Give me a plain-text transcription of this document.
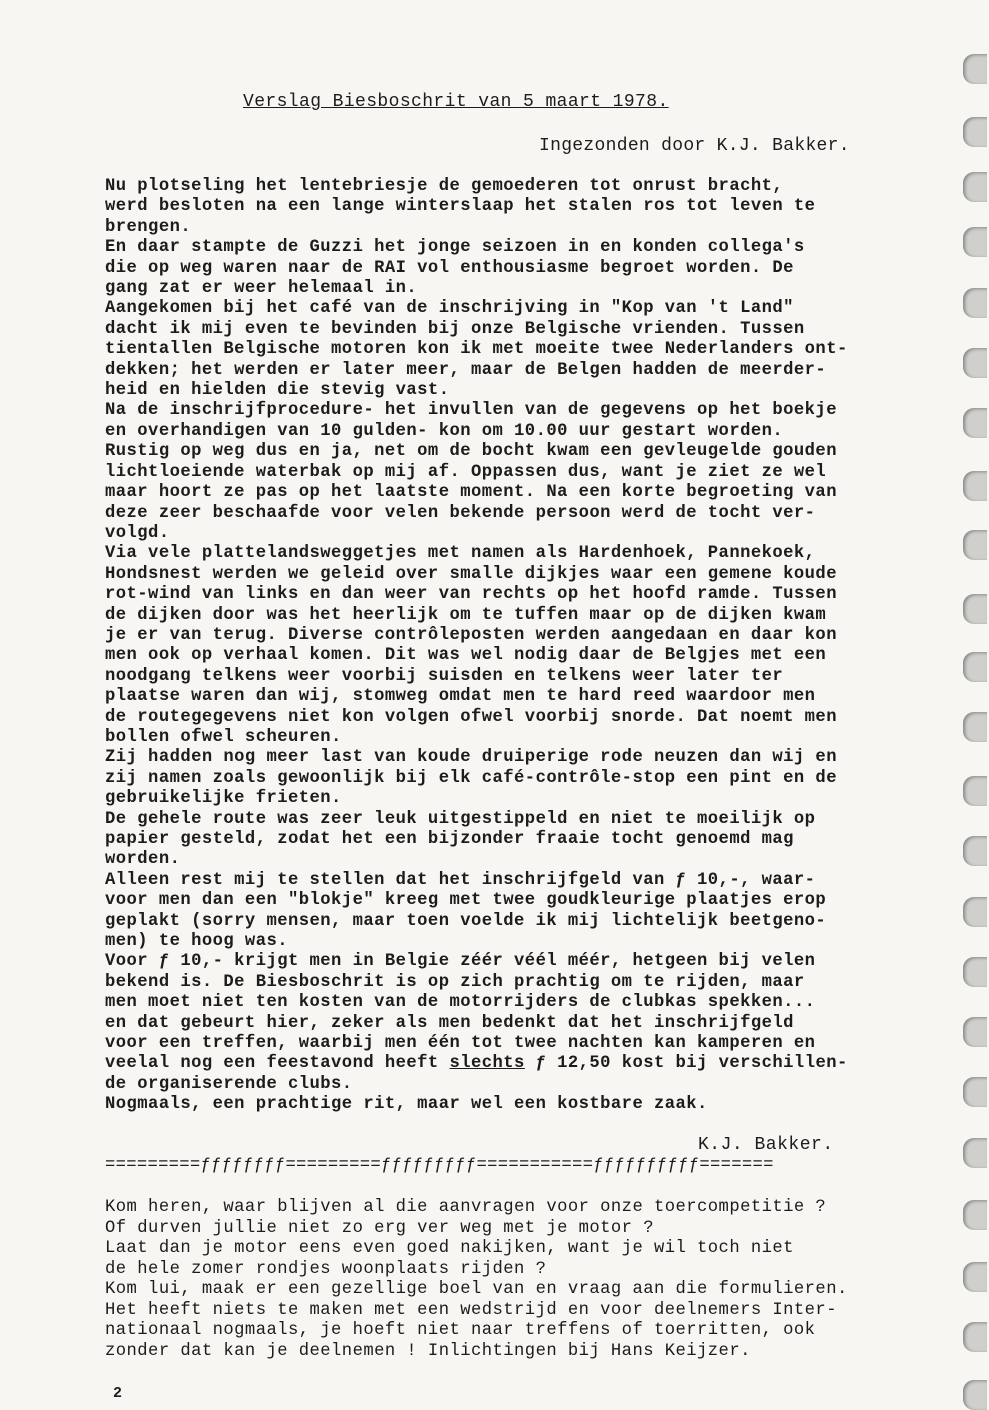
Verslag Biesboschrit van 5 maart 1978.
Ingezonden door K.J. Bakker.
Nu plotseling het lentebriesje de gemoederen tot onrust bracht,
werd besloten na een lange winterslaap het stalen ros tot leven te
brengen.
En daar stampte de Guzzi het jonge seizoen in en konden collega's
die op weg waren naar de RAI vol enthousiasme begroet worden. De
gang zat er weer helemaal in.
Aangekomen bij het café van de inschrijving in "Kop van 't Land"
dacht ik mij even te bevinden bij onze Belgische vrienden. Tussen
tientallen Belgische motoren kon ik met moeite twee Nederlanders ont-
dekken; het werden er later meer, maar de Belgen hadden de meerder-
heid en hielden die stevig vast.
Na de inschrijfprocedure- het invullen van de gegevens op het boekje
en overhandigen van 10 gulden- kon om 10.00 uur gestart worden.
Rustig op weg dus en ja, net om de bocht kwam een gevleugelde gouden
lichtloeiende waterbak op mij af. Oppassen dus, want je ziet ze wel
maar hoort ze pas op het laatste moment. Na een korte begroeting van
deze zeer beschaafde voor velen bekende persoon werd de tocht ver-
volgd.
Via vele plattelandsweggetjes met namen als Hardenhoek, Pannekoek,
Hondsnest werden we geleid over smalle dijkjes waar een gemene koude
rot-wind van links en dan weer van rechts op het hoofd ramde. Tussen
de dijken door was het heerlijk om te tuffen maar op de dijken kwam
je er van terug. Diverse contrôleposten werden aangedaan en daar kon
men ook op verhaal komen. Dit was wel nodig daar de Belgjes met een
noodgang telkens weer voorbij suisden en telkens weer later ter
plaatse waren dan wij, stomweg omdat men te hard reed waardoor men
de routegegevens niet kon volgen ofwel voorbij snorde. Dat noemt men
bollen ofwel scheuren.
Zij hadden nog meer last van koude druiperige rode neuzen dan wij en
zij namen zoals gewoonlijk bij elk café-contrôle-stop een pint en de
gebruikelijke frieten.
De gehele route was zeer leuk uitgestippeld en niet te moeilijk op
papier gesteld, zodat het een bijzonder fraaie tocht genoemd mag
worden.
Alleen rest mij te stellen dat het inschrijfgeld van ƒ 10,-, waar-
voor men dan een "blokje" kreeg met twee goudkleurige plaatjes erop
geplakt (sorry mensen, maar toen voelde ik mij lichtelijk beetgeno-
men) te hoog was.
Voor ƒ 10,- krijgt men in Belgie zéér véél méér, hetgeen bij velen
bekend is. De Biesboschrit is op zich prachtig om te rijden, maar
men moet niet ten kosten van de motorrijders de clubkas spekken...
en dat gebeurt hier, zeker als men bedenkt dat het inschrijfgeld
voor een treffen, waarbij men één tot twee nachten kan kamperen en
veelal nog een feestavond heeft slechts ƒ 12,50 kost bij verschillen-
de organiserende clubs.
Nogmaals, een prachtige rit, maar wel een kostbare zaak.
K.J. Bakker.
=========ƒƒƒƒƒƒƒƒ=========ƒƒƒƒƒƒƒƒƒ===========ƒƒƒƒƒƒƒƒƒƒ=======
Kom heren, waar blijven al die aanvragen voor onze toercompetitie ?
Of durven jullie niet zo erg ver weg met je motor ?
Laat dan je motor eens even goed nakijken, want je wil toch niet
de hele zomer rondjes woonplaats rijden ?
Kom lui, maak er een gezellige boel van en vraag aan die formulieren.
Het heeft niets te maken met een wedstrijd en voor deelnemers Inter-
nationaal nogmaals, je hoeft niet naar treffens of toerritten, ook
zonder dat kan je deelnemen ! Inlichtingen bij Hans Keijzer.
2
